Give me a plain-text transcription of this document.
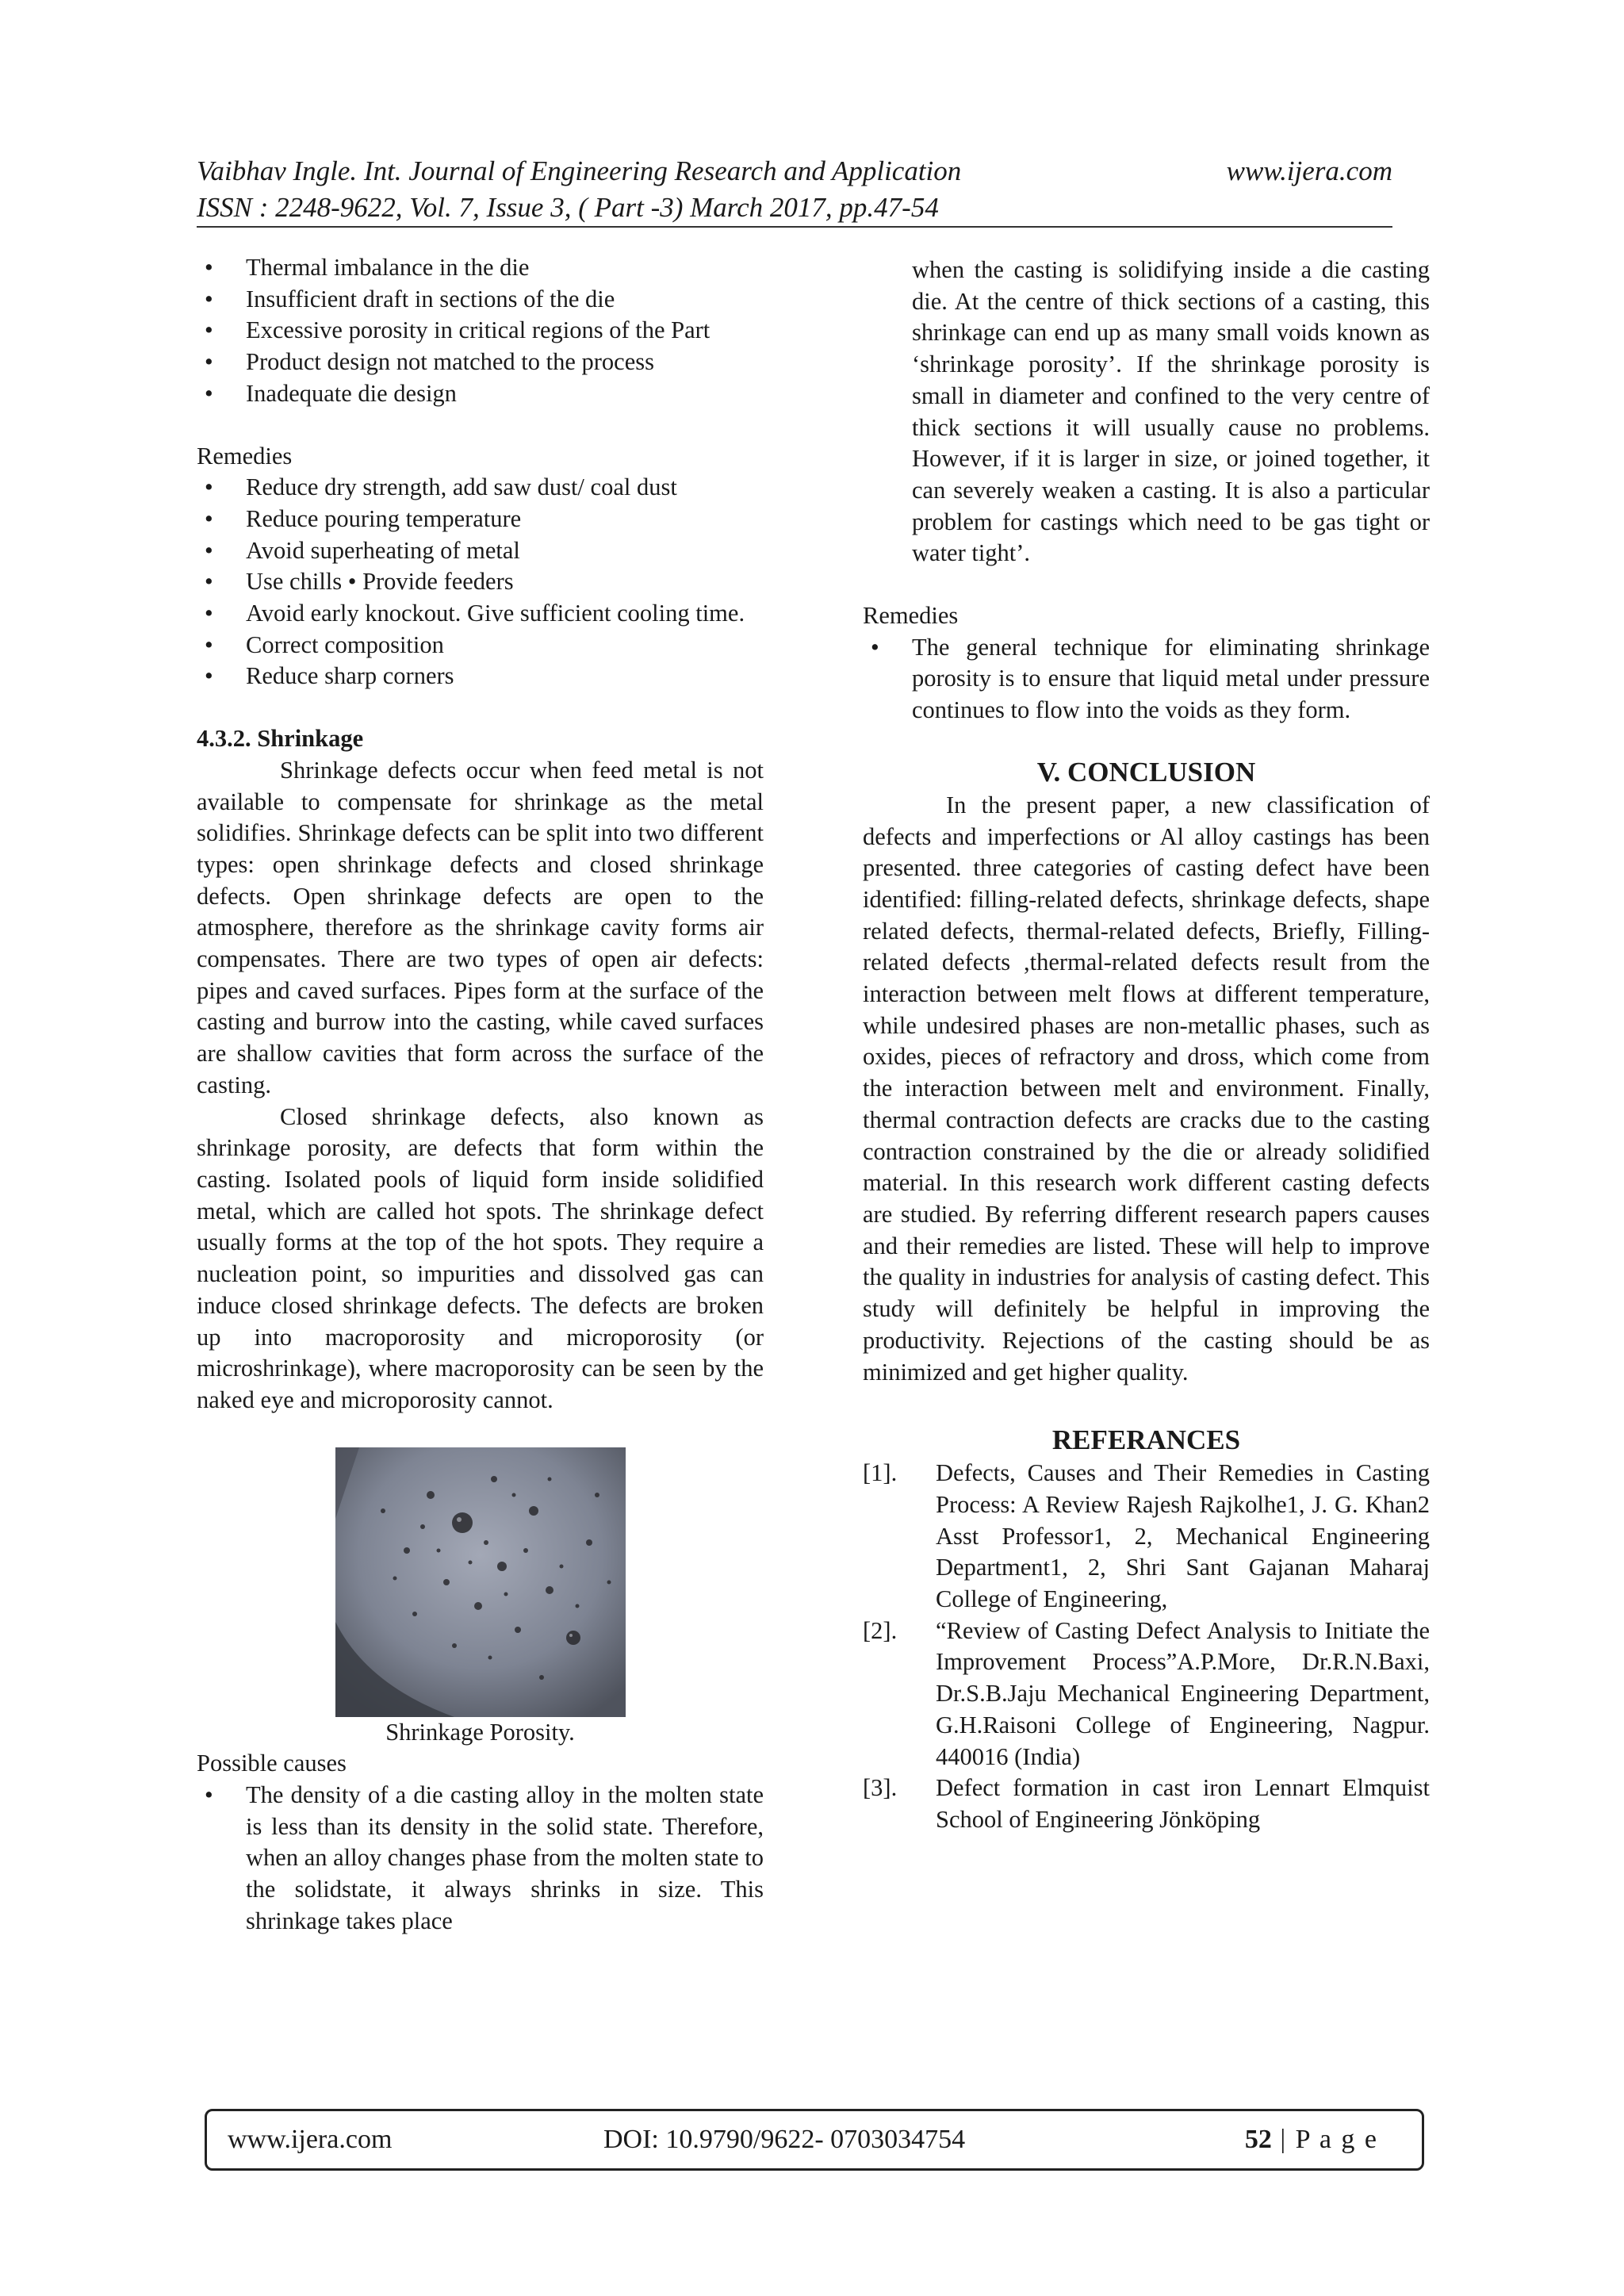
Vaibhav Ingle. Int. Journal of Engineering Research and Application	www.ijera.com
ISSN : 2248-9622, Vol. 7, Issue 3, ( Part -3) March 2017, pp.47-54
• Thermal imbalance in the die
• Insufficient draft in sections of the die
• Excessive porosity in critical regions of the Part
• Product design not matched to the process
• Inadequate die design

Remedies

• Reduce dry strength, add saw dust/ coal dust
• Reduce pouring temperature
• Avoid superheating of metal
• Use chills • Provide feeders
• Avoid early knockout. Give sufficient cooling time.
• Correct composition
• Reduce sharp corners

4.3.2. Shrinkage

Shrinkage defects occur when feed metal is not available to compensate for shrinkage as the metal solidifies. Shrinkage defects can be split into two different types: open shrinkage defects and closed shrinkage defects. Open shrinkage defects are open to the atmosphere, therefore as the shrinkage cavity forms air compensates. There are two types of open air defects: pipes and caved surfaces. Pipes form at the surface of the casting and burrow into the casting, while caved surfaces are shallow cavities that form across the surface of the casting.

Closed shrinkage defects, also known as shrinkage porosity, are defects that form within the casting. Isolated pools of liquid form inside solidified metal, which are called hot spots. The shrinkage defect usually forms at the top of the hot spots. They require a nucleation point, so impurities and dissolved gas can induce closed shrinkage defects. The defects are broken up into macroporosity and microporosity (or microshrinkage), where macroporosity can be seen by the naked eye and microporosity cannot.

Shrinkage Porosity.

Possible causes

• The density of a die casting alloy in the molten state is less than its density in the solid state. Therefore, when an alloy changes phase from the molten state to the solidstate, it always shrinks in size. This shrinkage takes place

when the casting is solidifying inside a die casting die. At the centre of thick sections of a casting, this shrinkage can end up as many small voids known as ‘shrinkage porosity’. If the shrinkage porosity is small in diameter and confined to the very centre of thick sections it will usually cause no problems. However, if it is larger in size, or joined together, it can severely weaken a casting. It is also a particular problem for castings which need to be gas tight or water tight’.

Remedies

• The general technique for eliminating shrinkage porosity is to ensure that liquid metal under pressure continues to flow into the voids as they form.

V. CONCLUSION

In the present paper, a new classification of defects and imperfections or Al alloy castings has been presented. three categories of casting defect have been identified: filling-related defects, shrinkage defects, shape related defects, thermal-related defects, Briefly, Filling- related defects ,thermal-related defects result from the interaction between melt flows at different temperature, while undesired phases are non-metallic phases, such as oxides, pieces of refractory and dross, which come from the interaction between melt and environment. Finally, thermal contraction defects are cracks due to the casting contraction constrained by the die or already solidified material. In this research work different casting defects are studied. By referring different research papers causes and their remedies are listed. These will help to improve the quality in industries for analysis of casting defect. This study will definitely be helpful in improving the productivity. Rejections of the casting should be as minimized and get higher quality.

REFERANCES

[1]. Defects, Causes and Their Remedies in Casting Process: A Review Rajesh Rajkolhe1, J. G. Khan2 Asst Professor1, 2, Mechanical Engineering Department1, 2, Shri Sant Gajanan Maharaj College of Engineering,
[2]. “Review of Casting Defect Analysis to Initiate the Improvement Process”A.P.More, Dr.R.N.Baxi, Dr.S.B.Jaju Mechanical Engineering Department, G.H.Raisoni College of Engineering, Nagpur. 440016 (India)
[3]. Defect formation in cast iron Lennart Elmquist School of Engineering Jönköping
www.ijera.com	DOI: 10.9790/9622- 0703034754	52 | P a g e
